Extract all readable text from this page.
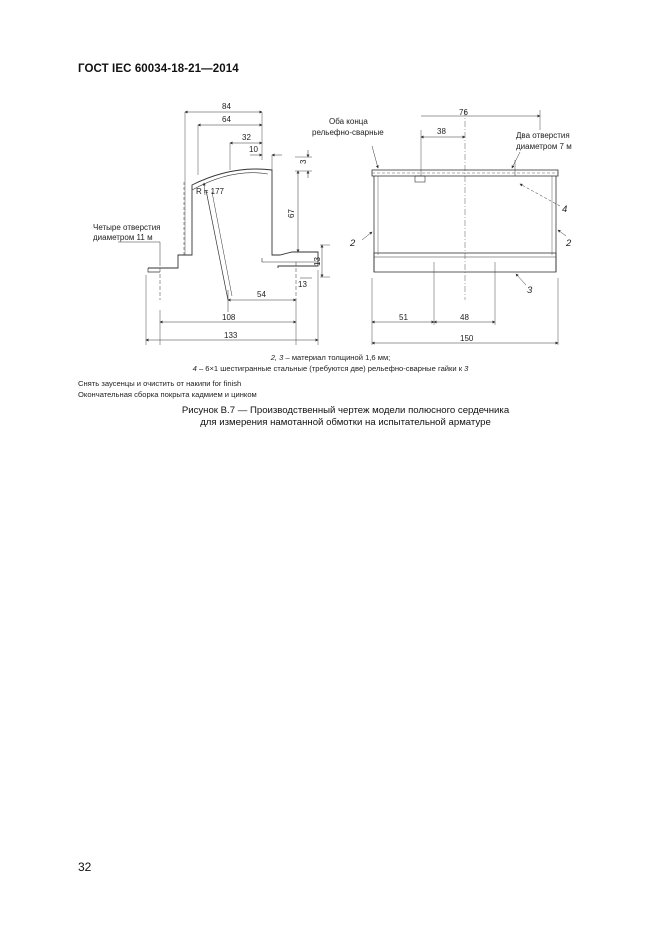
ГОСТ IEC 60034-18-21—2014
84
64
32
10
3
67
13
13
54
108
133
R ≈ 177
Четыре отверстия
диаметром 11 м
76
38
51	48
150
Оба конца
рельефно-сварные	Два отверстия
диаметром 7 м
2	2
3
4
2, 3 – материал толщиной 1,6 мм;
4 – 6×1 шестигранные стальные (требуются две) рельефно-сварные гайки к 3
Снять заусенцы и очистить от накипи for finish
Окончательная сборка покрыта кадмием и цинком
Рисунок В.7 — Производственный чертеж модели полюсного сердечника
для измерения намотанной обмотки на испытательной арматуре
32
